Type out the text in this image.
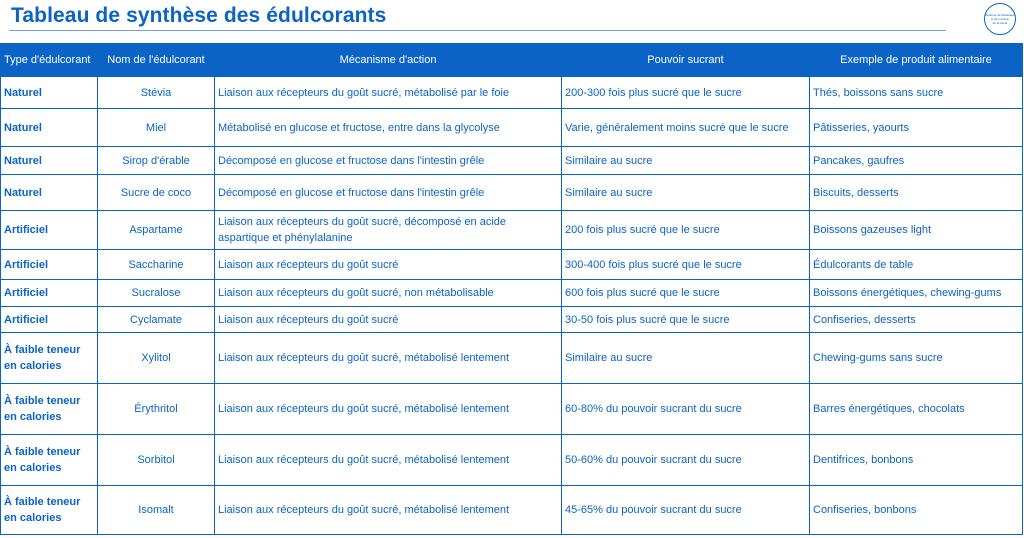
Tableau de synthèse des édulcorants	Diplôme de Diététique
et de nutrition
de la santé
Type d'édulcorant	Nom de l'édulcorant	Mécanisme d'action	Pouvoir sucrant	Exemple de produit alimentaire
Naturel	Stévia	Liaison aux récepteurs du goût sucré, métabolisé par le foie	200-300 fois plus sucré que le sucre	Thés, boissons sans sucre
Naturel	Miel	Métabolisé en glucose et fructose, entre dans la glycolyse	Varie, généralement moins sucré que le sucre	Pâtisseries, yaourts
Naturel	Sirop d'érable	Décomposé en glucose et fructose dans l'intestin grêle	Similaire au sucre	Pancakes, gaufres
Naturel	Sucre de coco	Décomposé en glucose et fructose dans l'intestin grêle	Similaire au sucre	Biscuits, desserts
Artificiel	Aspartame	Liaison aux récepteurs du goût sucré, décomposé en acide aspartique et phénylalanine	200 fois plus sucré que le sucre	Boissons gazeuses light
Artificiel	Saccharine	Liaison aux récepteurs du goût sucré	300-400 fois plus sucré que le sucre	Édulcorants de table
Artificiel	Sucralose	Liaison aux récepteurs du goût sucré, non métabolisable	600 fois plus sucré que le sucre	Boissons énergétiques, chewing-gums
Artificiel	Cyclamate	Liaison aux récepteurs du goût sucré	30-50 fois plus sucré que le sucre	Confiseries, desserts
À faible teneur en calories	Xylitol	Liaison aux récepteurs du goût sucré, métabolisé lentement	Similaire au sucre	Chewing-gums sans sucre
À faible teneur en calories	Érythritol	Liaison aux récepteurs du goût sucré, métabolisé lentement	60-80% du pouvoir sucrant du sucre	Barres énergétiques, chocolats
À faible teneur en calories	Sorbitol	Liaison aux récepteurs du goût sucré, métabolisé lentement	50-60% du pouvoir sucrant du sucre	Dentifrices, bonbons
À faible teneur en calories	Isomalt	Liaison aux récepteurs du goût sucré, métabolisé lentement	45-65% du pouvoir sucrant du sucre	Confiseries, bonbons
